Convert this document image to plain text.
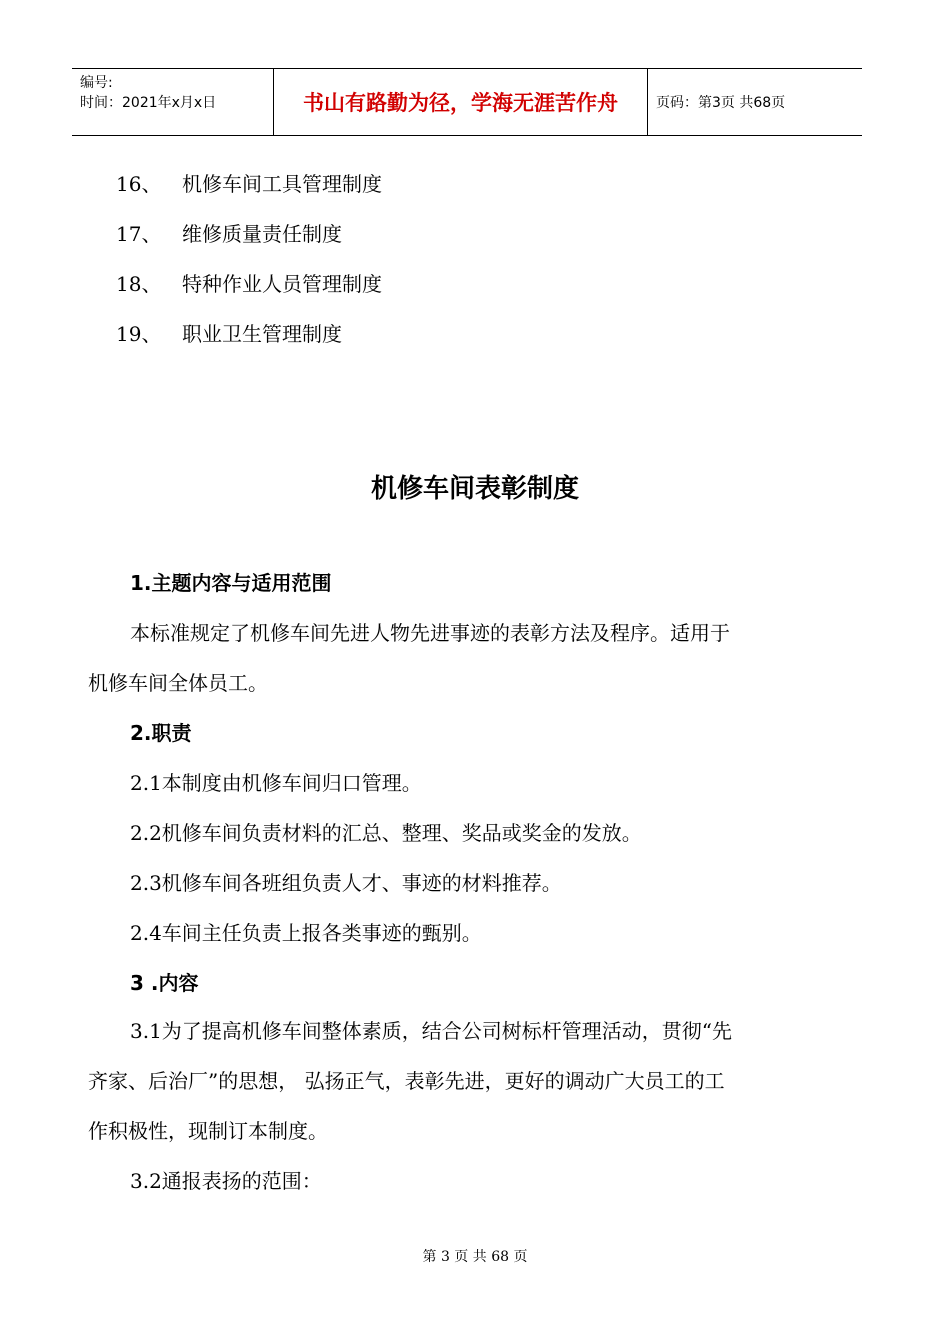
编号:
时间：2021年x月x日	书山有路勤为径，学海无涯苦作舟	页码：第3页 共68页
16、 机修车间工具管理制度
17、 维修质量责任制度
18、 特种作业人员管理制度
19、 职业卫生管理制度
机修车间表彰制度
1.主题内容与适用范围
本标准规定了机修车间先进人物先进事迹的表彰方法及程序。适用于
机修车间全体员工。
2.职责
2.1本制度由机修车间归口管理。
2.2机修车间负责材料的汇总、整理、奖品或奖金的发放。
2.3机修车间各班组负责人才、事迹的材料推荐。
2.4车间主任负责上报各类事迹的甄别。
3 .内容
3.1为了提高机修车间整体素质，结合公司树标杆管理活动，贯彻“先
齐家、后治厂”的思想， 弘扬正气，表彰先进，更好的调动广大员工的工
作积极性，现制订本制度。
3.2通报表扬的范围：
第 3 页 共 68 页
